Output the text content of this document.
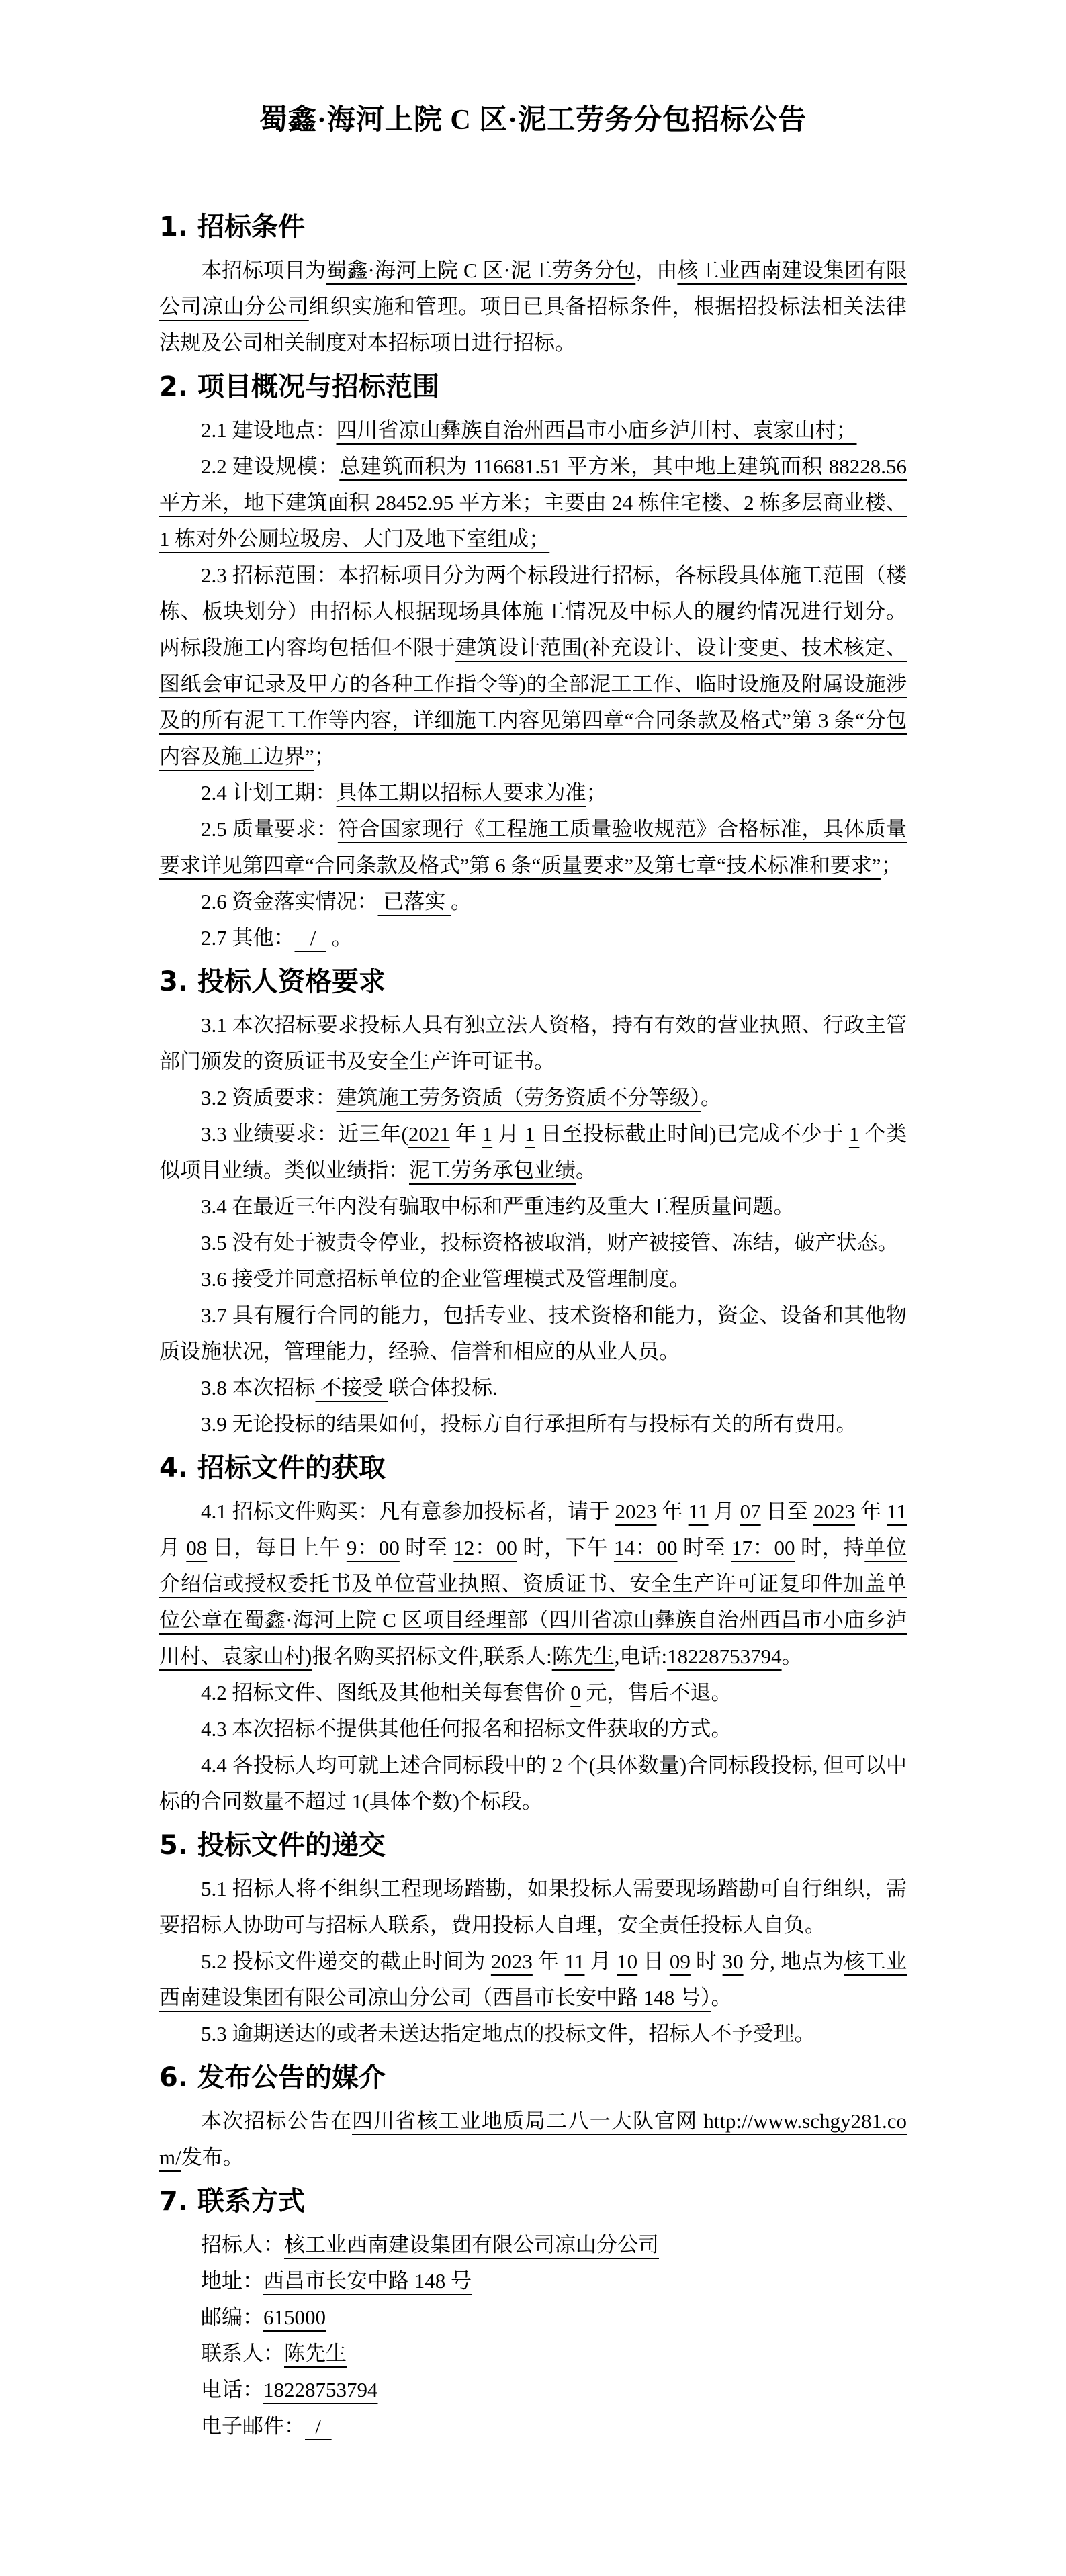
蜀鑫·海河上院 C 区·泥工劳务分包招标公告
1. 招标条件

本招标项目为蜀鑫·海河上院 C 区·泥工劳务分包，由核工业西南建设集团有限公司凉山分公司组织实施和管理。项目已具备招标条件，根据招投标法相关法律法规及公司相关制度对本招标项目进行招标。

2. 项目概况与招标范围

2.1 建设地点：四川省凉山彝族自治州西昌市小庙乡泸川村、袁家山村；

2.2 建设规模：总建筑面积为 116681.51 平方米，其中地上建筑面积 88228.56 平方米，地下建筑面积 28452.95 平方米；主要由 24 栋住宅楼、2 栋多层商业楼、1 栋对外公厕垃圾房、大门及地下室组成；

2.3 招标范围：本招标项目分为两个标段进行招标，各标段具体施工范围（楼栋、板块划分）由招标人根据现场具体施工情况及中标人的履约情况进行划分。两标段施工内容均包括但不限于建筑设计范围(补充设计、设计变更、技术核定、图纸会审记录及甲方的各种工作指令等)的全部泥工工作、临时设施及附属设施涉及的所有泥工工作等内容，详细施工内容见第四章“合同条款及格式”第 3 条“分包内容及施工边界”；

2.4 计划工期：具体工期以招标人要求为准；

2.5 质量要求：符合国家现行《工程施工质量验收规范》合格标准，具体质量要求详见第四章“合同条款及格式”第 6 条“质量要求”及第七章“技术标准和要求”；

2.6 资金落实情况： 已落实 。

2.7 其他：   /   。

3. 投标人资格要求

3.1 本次招标要求投标人具有独立法人资格，持有有效的营业执照、行政主管部门颁发的资质证书及安全生产许可证书。

3.2 资质要求：建筑施工劳务资质（劳务资质不分等级）。

3.3 业绩要求：近三年(2021 年 1 月 1 日至投标截止时间)已完成不少于 1 个类似项目业绩。类似业绩指：泥工劳务承包业绩。

3.4 在最近三年内没有骗取中标和严重违约及重大工程质量问题。

3.5 没有处于被责令停业，投标资格被取消，财产被接管、冻结，破产状态。

3.6 接受并同意招标单位的企业管理模式及管理制度。

3.7 具有履行合同的能力，包括专业、技术资格和能力，资金、设备和其他物质设施状况，管理能力，经验、信誉和相应的从业人员。

3.8 本次招标 不接受 联合体投标.

3.9 无论投标的结果如何，投标方自行承担所有与投标有关的所有费用。

4. 招标文件的获取

4.1 招标文件购买：凡有意参加投标者，请于 2023 年 11 月 07 日至 2023 年 11 月 08 日，每日上午 9：00 时至 12：00 时，下午 14：00 时至 17：00 时，持单位介绍信或授权委托书及单位营业执照、资质证书、安全生产许可证复印件加盖单位公章在蜀鑫·海河上院 C 区项目经理部（四川省凉山彝族自治州西昌市小庙乡泸川村、袁家山村)报名购买招标文件,联系人:陈先生,电话:18228753794。

4.2 招标文件、图纸及其他相关每套售价 0 元，售后不退。

4.3 本次招标不提供其他任何报名和招标文件获取的方式。

4.4 各投标人均可就上述合同标段中的 2 个(具体数量)合同标段投标, 但可以中标的合同数量不超过 1(具体个数)个标段。

5. 投标文件的递交

5.1 招标人将不组织工程现场踏勘，如果投标人需要现场踏勘可自行组织，需要招标人协助可与招标人联系，费用投标人自理，安全责任投标人自负。

5.2 投标文件递交的截止时间为 2023 年 11 月 10 日 09 时 30 分, 地点为核工业西南建设集团有限公司凉山分公司（西昌市长安中路 148 号）。

5.3 逾期送达的或者未送达指定地点的投标文件，招标人不予受理。

6. 发布公告的媒介

本次招标公告在四川省核工业地质局二八一大队官网 http://www.schgy281.com/发布。

7. 联系方式

招标人：核工业西南建设集团有限公司凉山分公司

地址：西昌市长安中路 148 号

邮编：615000

联系人：陈先生

电话：18228753794

电子邮件：  /
